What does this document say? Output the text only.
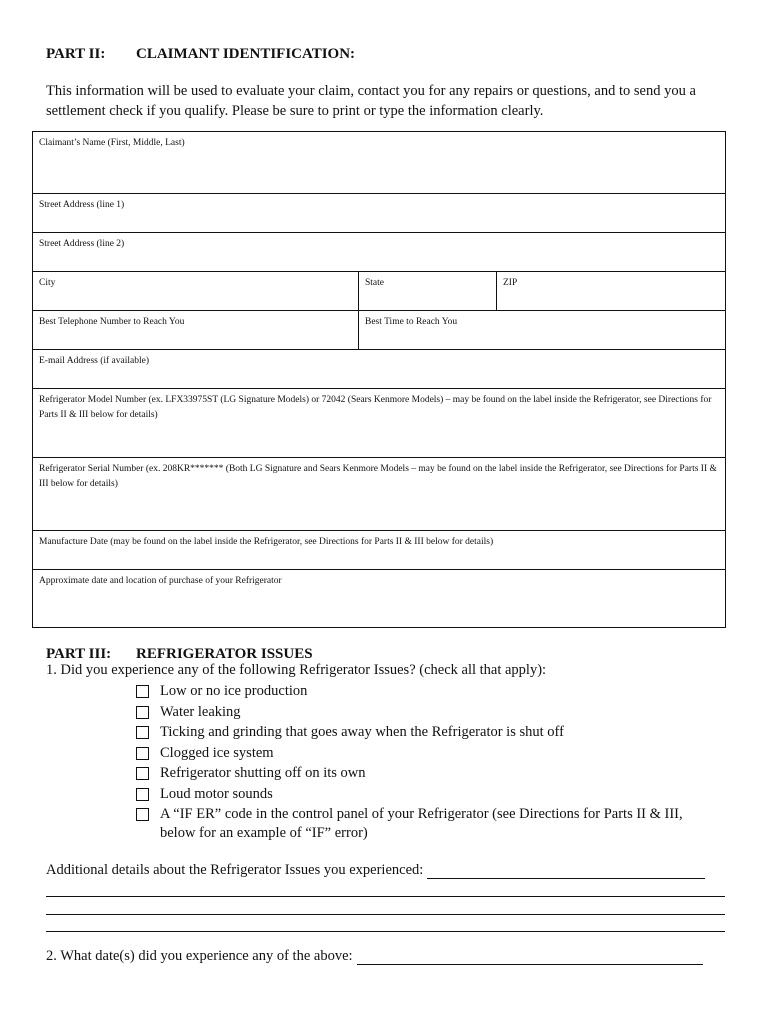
PART II: CLAIMANT IDENTIFICATION:
This information will be used to evaluate your claim, contact you for any repairs or questions, and to send you a settlement check if you qualify. Please be sure to print or type the information clearly.
Claimant’s Name (First, Middle, Last)
Street Address (line 1)
Street Address (line 2)
City	State	ZIP
Best Telephone Number to Reach You	Best Time to Reach You
E-mail Address (if available)
Refrigerator Model Number (ex. LFX33975ST (LG Signature Models) or 72042 (Sears Kenmore Models) – may be found on the label inside the Refrigerator, see Directions for Parts II & III below for details)
Refrigerator Serial Number (ex. 208KR******* (Both LG Signature and Sears Kenmore Models – may be found on the label inside the Refrigerator, see Directions for Parts II & III below for details)
Manufacture Date (may be found on the label inside the Refrigerator, see Directions for Parts II & III below for details)
Approximate date and location of purchase of your Refrigerator
PART III: REFRIGERATOR ISSUES
1. Did you experience any of the following Refrigerator Issues? (check all that apply):
Low or no ice production
Water leaking
Ticking and grinding that goes away when the Refrigerator is shut off
Clogged ice system
Refrigerator shutting off on its own
Loud motor sounds
A “IF ER” code in the control panel of your Refrigerator (see Directions for Parts II & III, below for an example of “IF” error)
Additional details about the Refrigerator Issues you experienced:
2. What date(s) did you experience any of the above:
